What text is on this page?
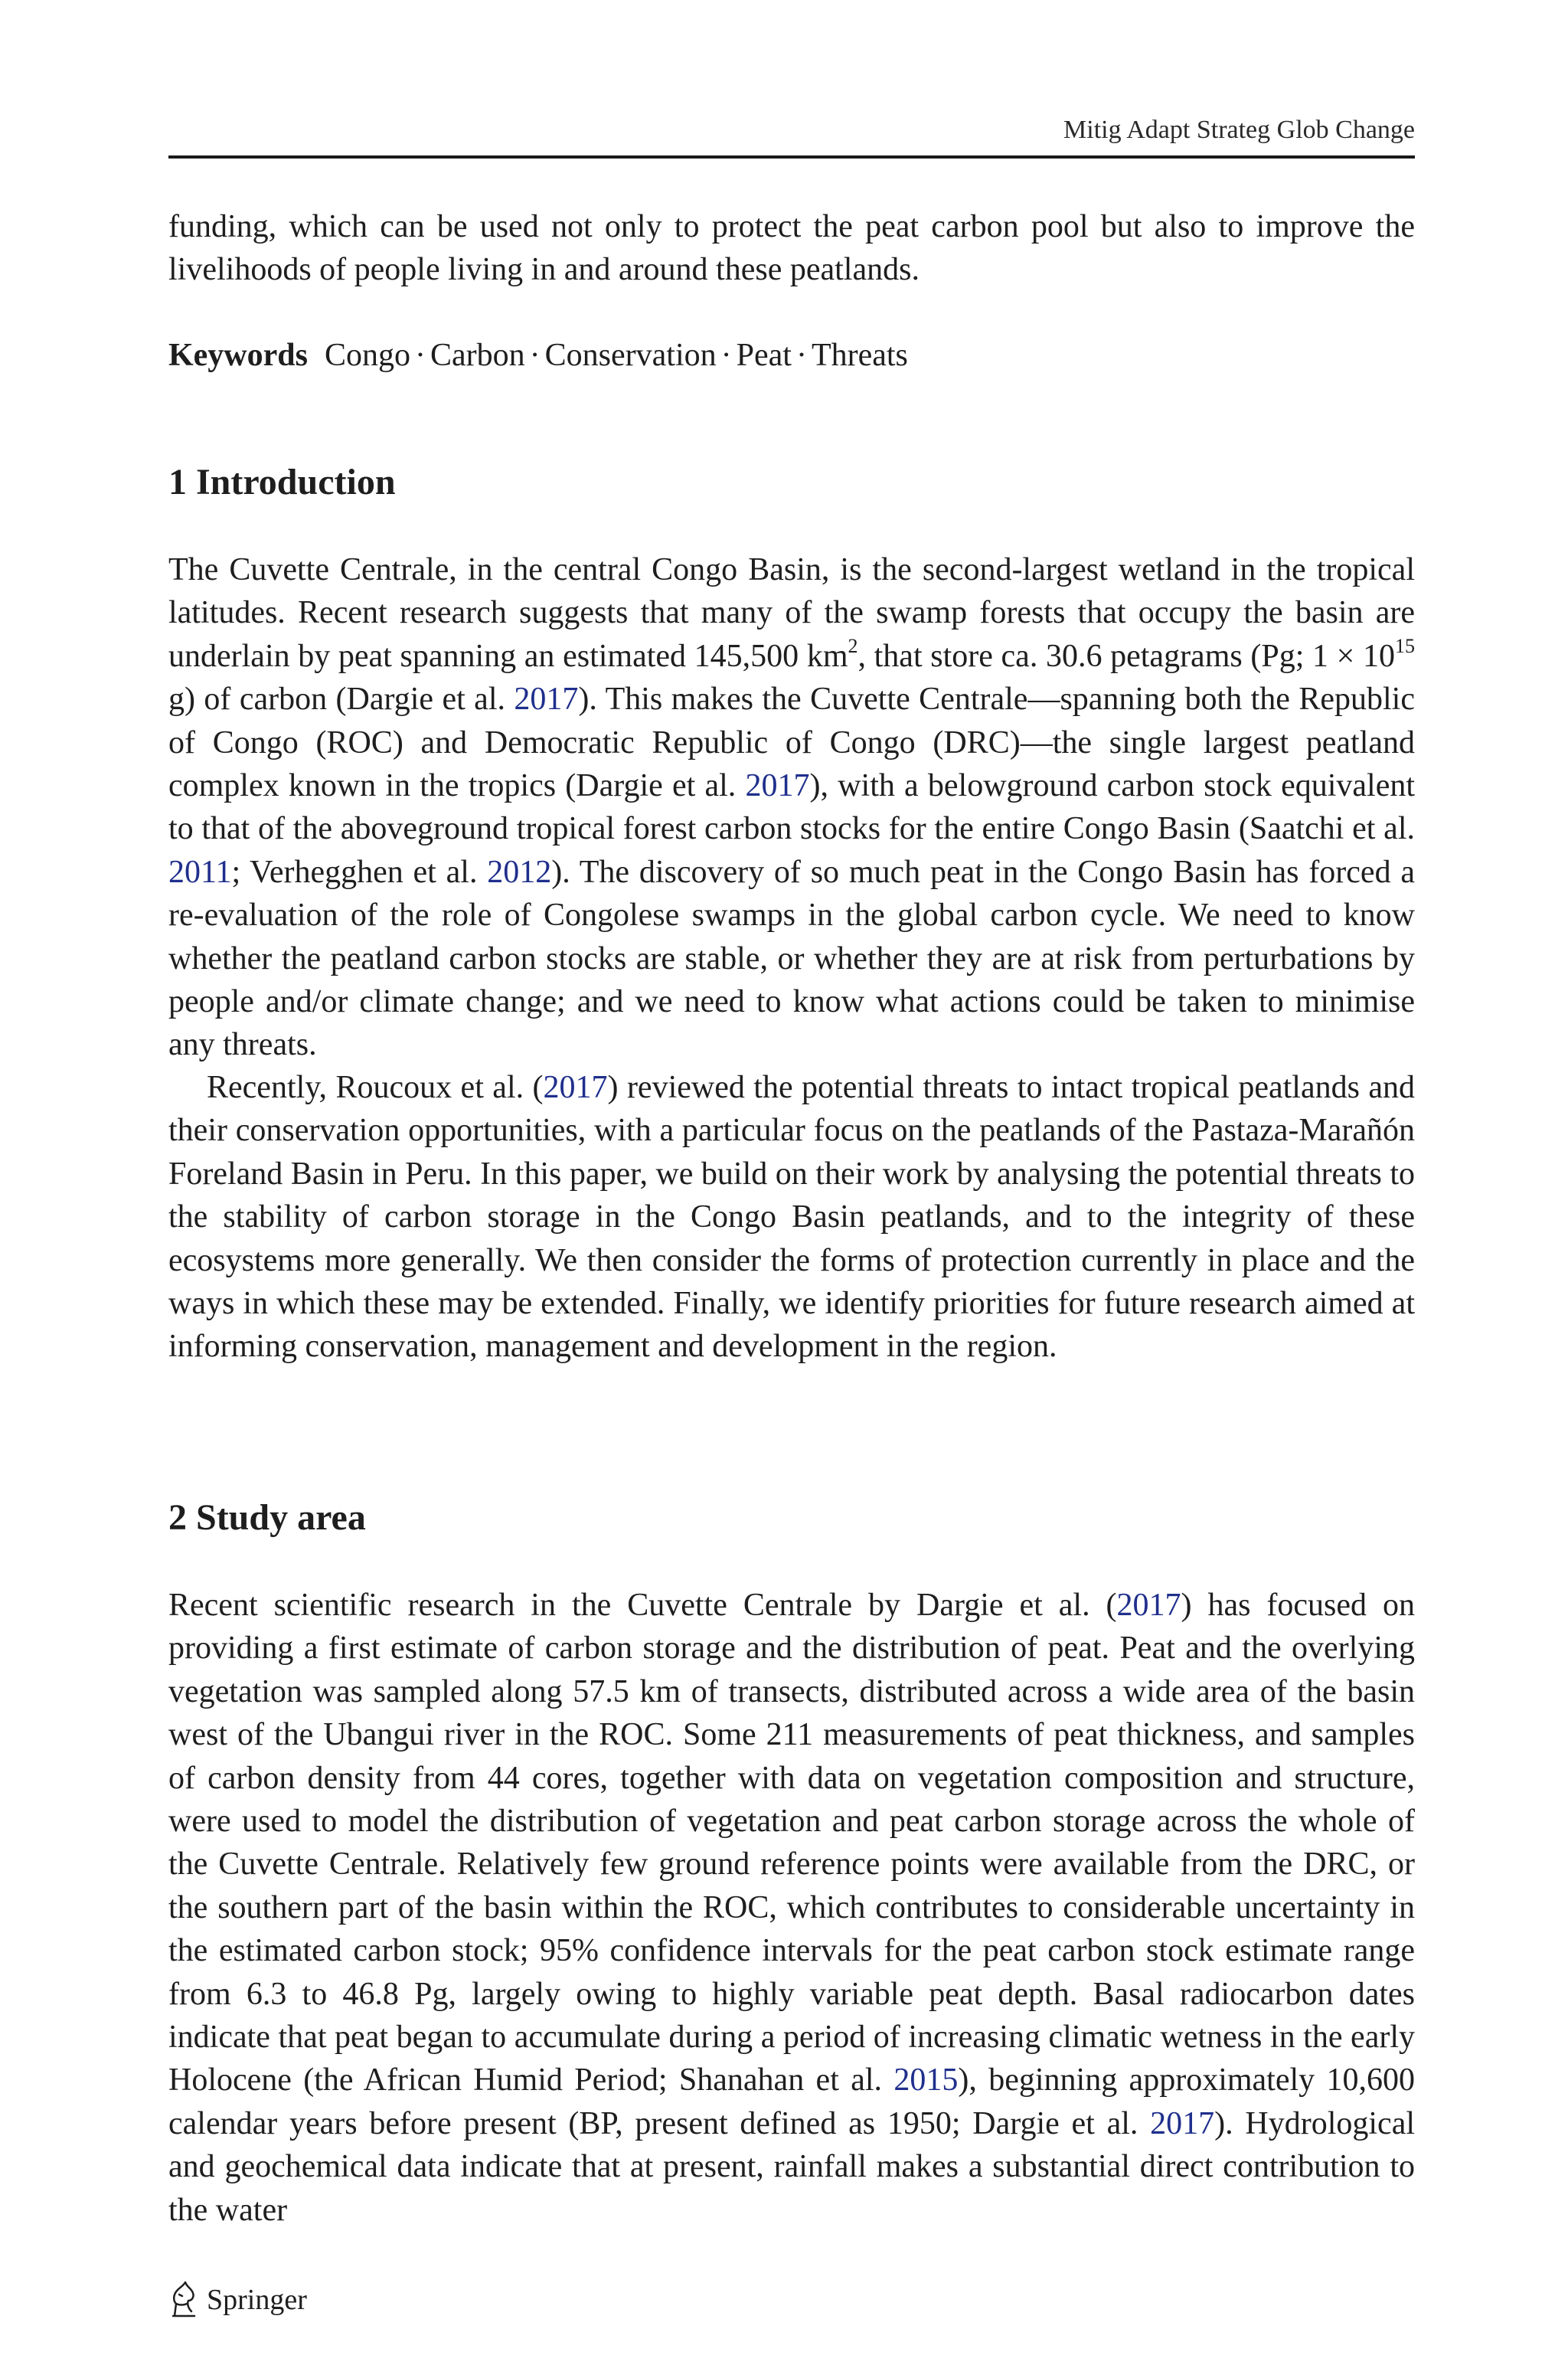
Mitig Adapt Strateg Glob Change

funding, which can be used not only to protect the peat carbon pool but also to improve the livelihoods of people living in and around these peatlands.

Keywords Congo · Carbon · Conservation · Peat · Threats
1 Introduction

The Cuvette Centrale, in the central Congo Basin, is the second-largest wetland in the tropical latitudes. Recent research suggests that many of the swamp forests that occupy the basin are underlain by peat spanning an estimated 145,500 $km^2$, that store ca. 30.6 petagrams (Pg; $1 \times 10^{15}$ g) of carbon (Dargie et al. 2017). This makes the Cuvette Centrale—spanning both the Republic of Congo (ROC) and Democratic Republic of Congo (DRC)—the single largest peatland complex known in the tropics (Dargie et al. 2017), with a belowground carbon stock equivalent to that of the aboveground tropical forest carbon stocks for the entire Congo Basin (Saatchi et al. 2011; Verhegghen et al. 2012). The discovery of so much peat in the Congo Basin has forced a re-evaluation of the role of Congolese swamps in the global carbon cycle. We need to know whether the peatland carbon stocks are stable, or whether they are at risk from perturbations by people and/or climate change; and we need to know what actions could be taken to minimise any threats.

Recently, Roucoux et al. (2017) reviewed the potential threats to intact tropical peatlands and their conservation opportunities, with a particular focus on the peatlands of the Pastaza-Marañón Foreland Basin in Peru. In this paper, we build on their work by analysing the potential threats to the stability of carbon storage in the Congo Basin peatlands, and to the integrity of these ecosystems more generally. We then consider the forms of protection currently in place and the ways in which these may be extended. Finally, we identify priorities for future research aimed at informing conservation, management and development in the region.

2 Study area

Recent scientific research in the Cuvette Centrale by Dargie et al. (2017) has focused on providing a first estimate of carbon storage and the distribution of peat. Peat and the overlying vegetation was sampled along 57.5 km of transects, distributed across a wide area of the basin west of the Ubangui river in the ROC. Some 211 measurements of peat thickness, and samples of carbon density from 44 cores, together with data on vegetation composition and structure, were used to model the distribution of vegetation and peat carbon storage across the whole of the Cuvette Centrale. Relatively few ground reference points were available from the DRC, or the southern part of the basin within the ROC, which contributes to considerable uncertainty in the estimated carbon stock; 95% confidence intervals for the peat carbon stock estimate range from 6.3 to 46.8 Pg, largely owing to highly variable peat depth. Basal radiocarbon dates indicate that peat began to accumulate during a period of increasing climatic wetness in the early Holocene (the African Humid Period; Shanahan et al. 2015), beginning approximately 10,600 calendar years before present (BP, present defined as 1950; Dargie et al. 2017). Hydrological and geochemical data indicate that at present, rainfall makes a substantial direct contribution to the water

Springer
